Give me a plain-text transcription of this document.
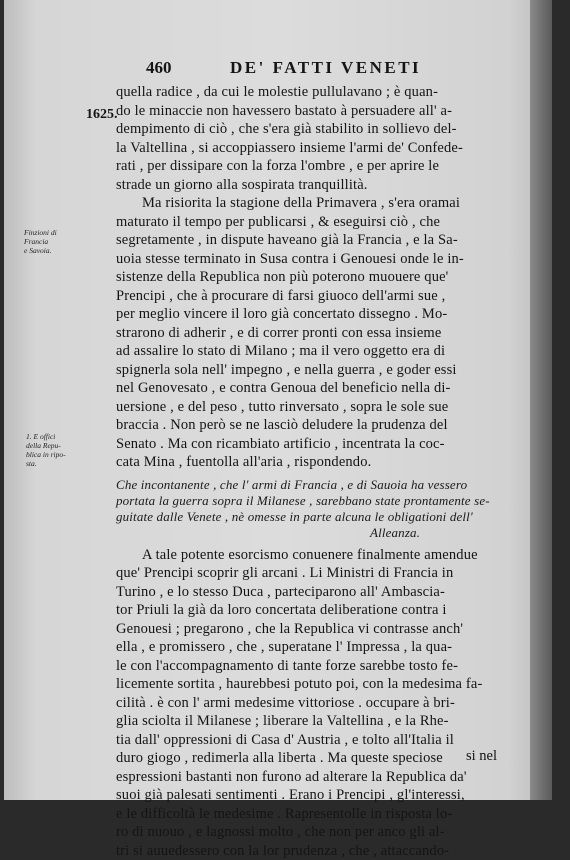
460	DE' FATTI VENETI
1625.
Finzioni di
Francia
e Savoia.
1. E offici
della Repu-
blica in ripo-
sta.
quella radice , da cui le molestie pullulavano ; è quan-
do le minaccie non havessero bastato à persuadere all' a-
dempimento di ciò , che s'era già stabilito in sollievo del-
la Valtellina , si accoppiassero insieme l'armi de' Confede-
rati , per dissipare con la forza l'ombre , e per aprire le
strade un giorno alla sospirata tranquillità.
Ma risiorita la stagione della Primavera , s'era oramai
maturato il tempo per publicarsi , & eseguirsi ciò , che
segretamente , in dispute haveano già la Francia , e la Sa-
uoia stesse terminato in Susa contra i Genouesi onde le in-
sistenze della Republica non più poterono muouere que'
Prencipi , che à procurare di farsi giuoco dell'armi sue ,
per meglio vincere il loro già concertato dissegno . Mo-
strarono di adherir , e di correr pronti con essa insieme
ad assalire lo stato di Milano ; ma il vero oggetto era di
spignerla sola nell' impegno , e nella guerra , e goder essi
nel Genovesato , e contra Genoua del beneficio nella di-
uersione , e del peso , tutto rinversato , sopra le sole sue
braccia . Non però se ne lasciò deludere la prudenza del
Senato . Ma con ricambiato artificio , incentrata la coc-
cata Mina , fuentolla all'aria , rispondendo.
Che incontanente , che l' armi di Francia , e di Sauoia ha vessero
portata la guerra sopra il Milanese , sarebbano state prontamente se-
guitate dalle Venete , nè omesse in parte alcuna le obligationi dell'
Alleanza.
A tale potente esorcismo conuenere finalmente amendue
que' Prencipi scoprir gli arcani . Li Ministri di Francia in
Turino , e lo stesso Duca , parteciparono all' Ambascia-
tor Priuli la già da loro concertata deliberatione contra i
Genouesi ; pregarono , che la Republica vi contrasse anch'
ella , e promissero , che , superatane l' Impressa , la qua-
le con l'accompagnamento di tante forze sarebbe tosto fe-
licemente sortita , haurebbesi potuto poi, con la medesima fa-
cilità . è con l' armi medesime vittoriose . occupare à bri-
glia sciolta il Milanese ; liberare la Valtellina , e la Rhe-
tia dall' oppressioni di Casa d' Austria , e tolto all'Italia il
duro giogo , redimerla alla liberta . Ma queste speciose
espressioni bastanti non furono ad alterare la Republica da'
suoi già palesati sentimenti . Erano i Prencipi , gl'interessi,
e le difficoltà le medesime . Rapresentolle in risposta lo-
ro di nuouo , e lagnossi molto , che non per anco gli al-
tri si auuedessero con la lor prudenza , che , attaccando-
si nel
